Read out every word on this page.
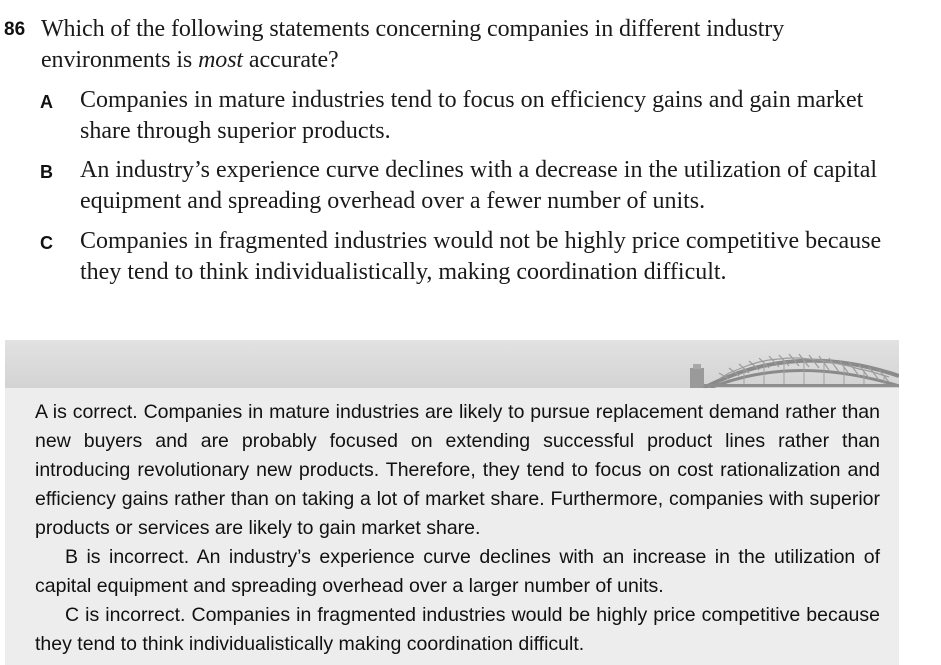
86 Which of the following statements concerning companies in different industry environments is most accurate?
A Companies in mature industries tend to focus on efficiency gains and gain market share through superior products.
B An industry’s experience curve declines with a decrease in the utilization of capital equipment and spreading overhead over a fewer number of units.
C Companies in fragmented industries would not be highly price competitive because they tend to think individualistically, making coordination difficult.

A is correct. Companies in mature industries are likely to pursue replacement demand rather than new buyers and are probably focused on extending successful product lines rather than introducing revolutionary new products. Therefore, they tend to focus on cost rationalization and efficiency gains rather than on taking a lot of market share. Furthermore, companies with superior products or services are likely to gain market share.

B is incorrect. An industry’s experience curve declines with an increase in the utilization of capital equipment and spreading overhead over a larger number of units.

C is incorrect. Companies in fragmented industries would be highly price competitive because they tend to think individualistically making coordination difficult.
